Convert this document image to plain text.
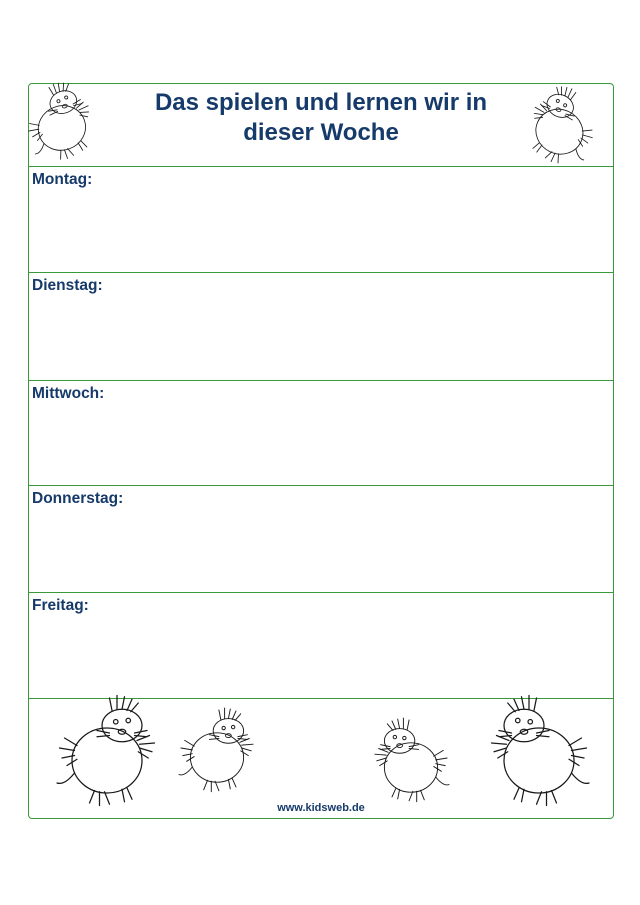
Das spielen und lernen wir in
dieser Woche
Montag:
Dienstag:
Mittwoch:
Donnerstag:
Freitag:
www.kidsweb.de
